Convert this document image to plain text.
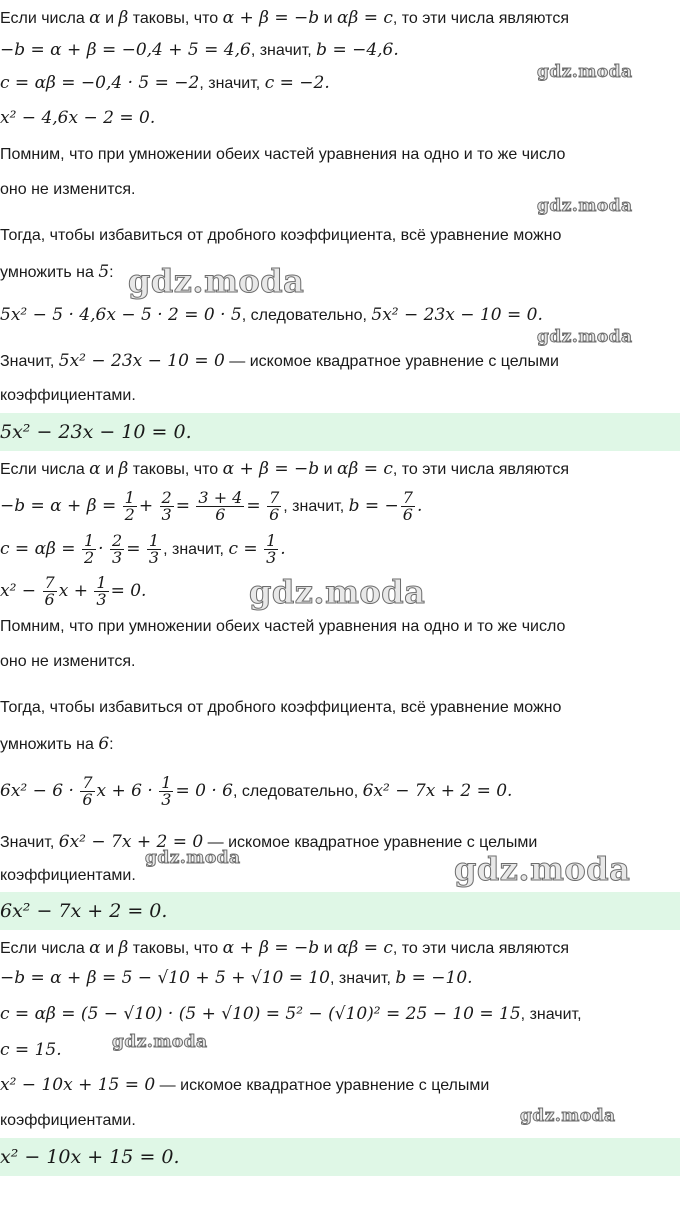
Если числа α и β таковы, что α + β = −b и αβ = c, то эти числа являются
−b = α + β = −0,4 + 5 = 4,6, значит, b = −4,6.
c = αβ = −0,4 · 5 = −2, значит, c = −2.
x² − 4,6x − 2 = 0.
Помним, что при умножении обеих частей уравнения на одно и то же число
оно не изменится.
Тогда, чтобы избавиться от дробного коэффициента, всё уравнение можно
умножить на 5:
5x² − 5 · 4,6x − 5 · 2 = 0 · 5, следовательно, 5x² − 23x − 10 = 0.
Значит, 5x² − 23x − 10 = 0 — искомое квадратное уравнение с целыми
коэффициентами.
5x² − 23x − 10 = 0.
Если числа α и β таковы, что α + β = −b и αβ = c, то эти числа являются
$-b = \alpha + \beta = \frac{1}{2} + \frac{2}{3} = \frac{3 + 4}{6} = \frac{7}{6}$ , значит, b = − $\frac{7}{6}$ .
$c = \alpha\beta = \frac{1}{2} \cdot \frac{2}{3} = \frac{1}{3}$ , значит, $c = \frac{1}{3}$ .
$x^2 - \frac{7}{6}$ $x + \frac{1}{3} = 0$.
Помним, что при умножении обеих частей уравнения на одно и то же число
оно не изменится.
Тогда, чтобы избавиться от дробного коэффициента, всё уравнение можно
умножить на 6:
$6x^2 - 6 \cdot \frac{7}{6}$ $x + 6 \cdot \frac{1}{3} = 0 \cdot 6$, следовательно, 6x² − 7x + 2 = 0.
Значит, 6x² − 7x + 2 = 0 — искомое квадратное уравнение с целыми
коэффициентами.
6x² − 7x + 2 = 0.
Если числа α и β таковы, что α + β = −b и αβ = c, то эти числа являются
−b = α + β = 5 − √10 + 5 + √10 = 10, значит, b = −10.
c = αβ = (5 − √10) · (5 + √10) = 5² − (√10)² = 25 − 10 = 15, значит,
c = 15.
x² − 10x + 15 = 0 — искомое квадратное уравнение с целыми
коэффициентами.
x² − 10x + 15 = 0.
gdz.moda
gdz.moda
gdz.moda
gdz.moda
gdz.moda
gdz.moda	gdz.moda
gdz.moda
gdz.moda
